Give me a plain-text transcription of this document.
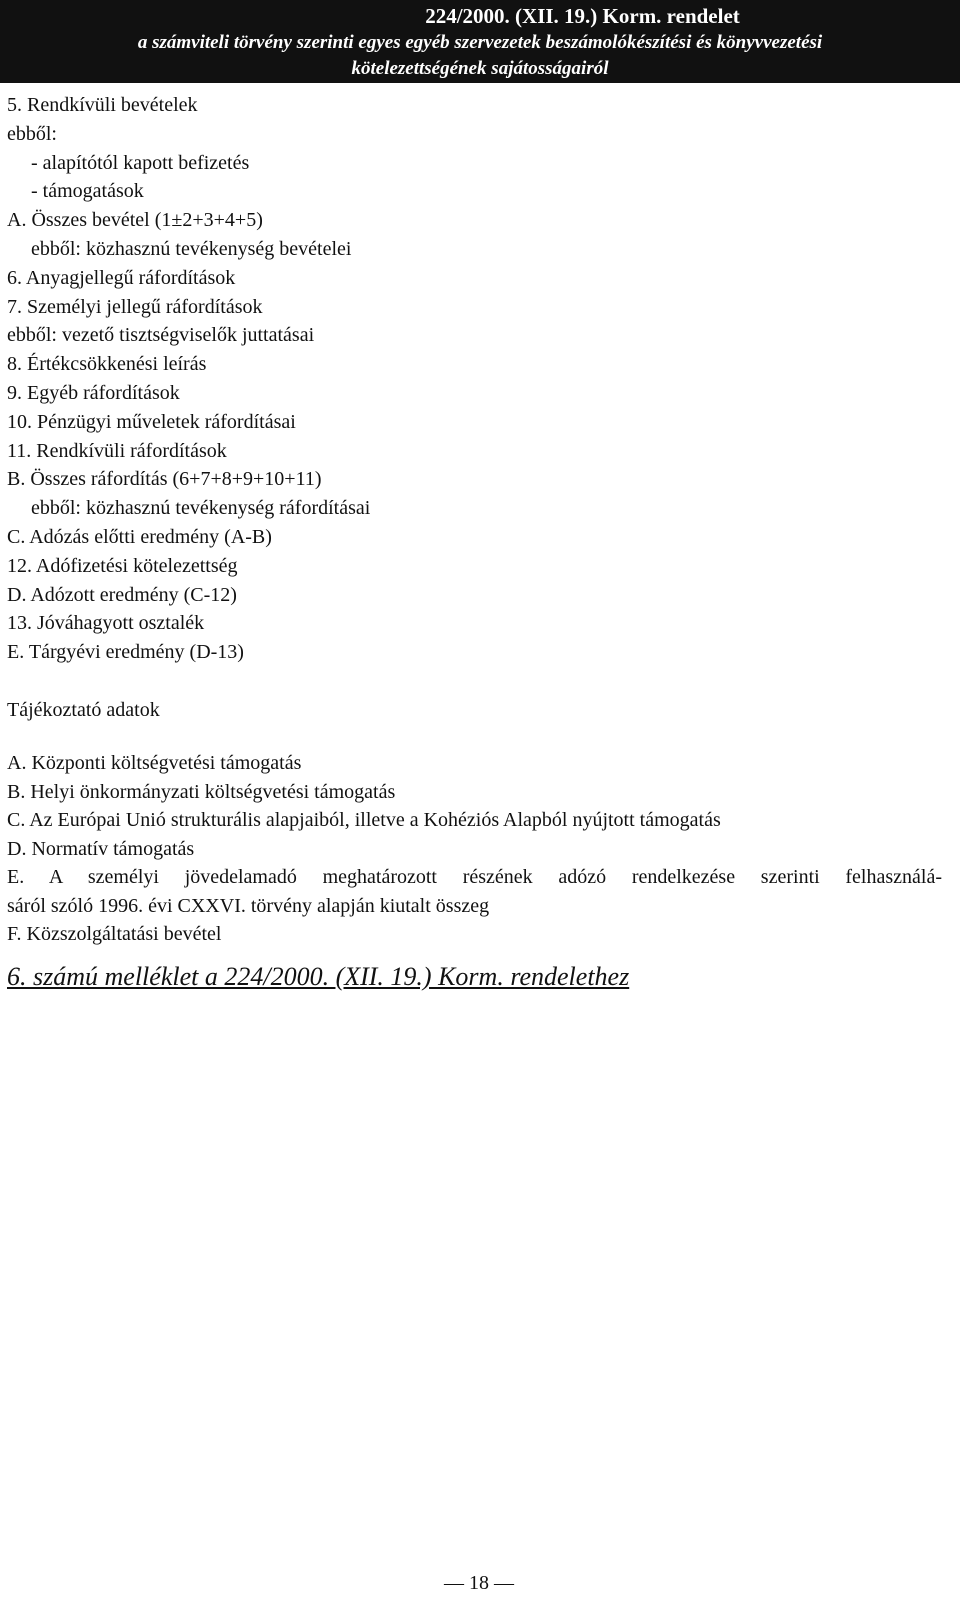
224/2000. (XII. 19.) Korm. rendelet
a számviteli törvény szerinti egyes egyéb szervezetek beszámolókészítési és könyvvezetési
kötelezettségének sajátosságairól
5. Rendkívüli bevételek
ebből:
- alapítótól kapott befizetés
- támogatások
A. Összes bevétel (1±2+3+4+5)
ebből: közhasznú tevékenység bevételei
6. Anyagjellegű ráfordítások
7. Személyi jellegű ráfordítások
ebből: vezető tisztségviselők juttatásai
8. Értékcsökkenési leírás
9. Egyéb ráfordítások
10. Pénzügyi műveletek ráfordításai
11. Rendkívüli ráfordítások
B. Összes ráfordítás (6+7+8+9+10+11)
ebből: közhasznú tevékenység ráfordításai
C. Adózás előtti eredmény (A-B)
12. Adófizetési kötelezettség
D. Adózott eredmény (C-12)
13. Jóváhagyott osztalék
E. Tárgyévi eredmény (D-13)
Tájékoztató adatok
A. Központi költségvetési támogatás
B. Helyi önkormányzati költségvetési támogatás
C. Az Európai Unió strukturális alapjaiból, illetve a Kohéziós Alapból nyújtott támogatás
D. Normatív támogatás
E. A személyi jövedelamadó meghatározott részének adózó rendelkezése szerinti felhasználá-
sáról szóló 1996. évi CXXVI. törvény alapján kiutalt összeg
F. Közszolgáltatási bevétel
6. számú melléklet a 224/2000. (XII. 19.) Korm. rendelethez
— 18 —
